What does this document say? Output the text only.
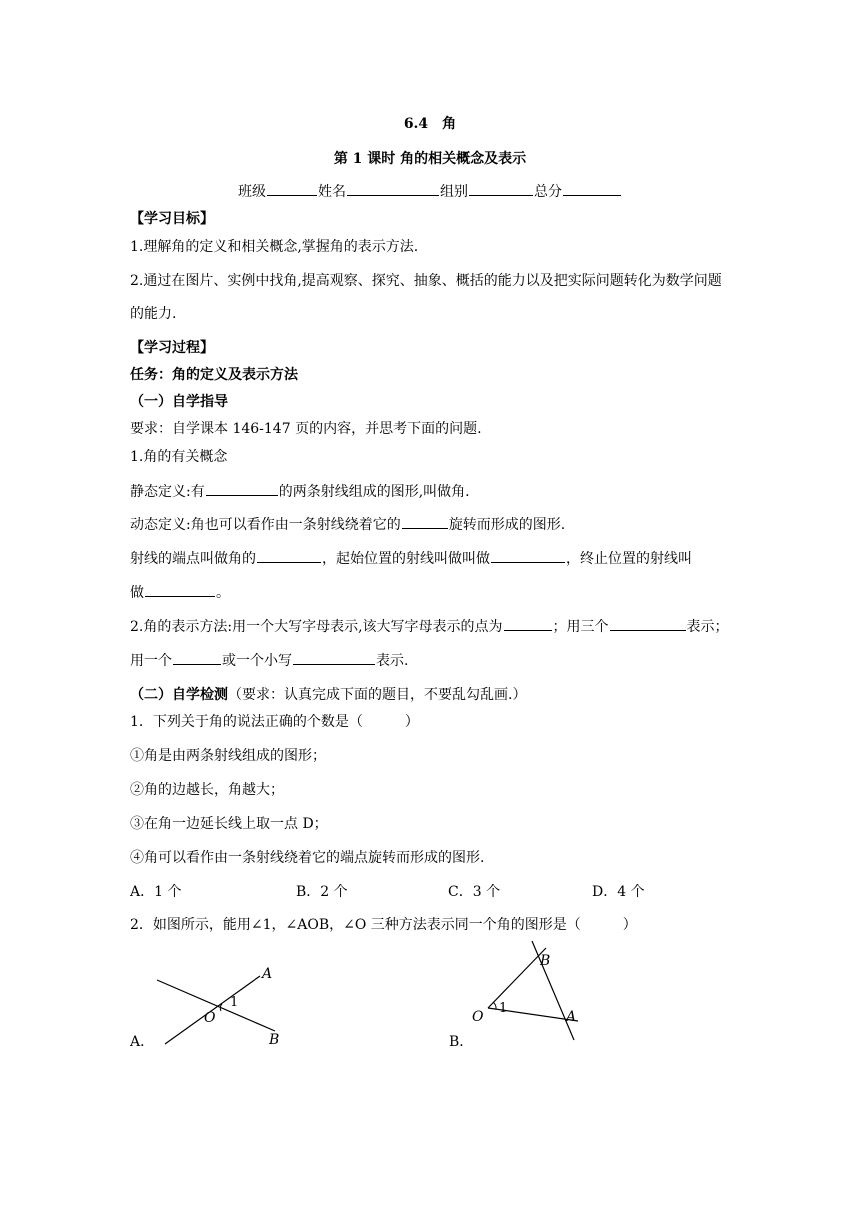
6.4　角
第 1 课时 角的相关概念及表示
班级	姓名	组别	总分
【学习目标】
1.理解角的定义和相关概念,掌握角的表示方法.
2.通过在图片、实例中找角,提高观察、探究、抽象、概括的能力以及把实际问题转化为数学问题
的能力.
【学习过程】
任务：角的定义及表示方法
（一）自学指导
要求：自学课本 146-147 页的内容，并思考下面的问题.
1.角的有关概念
静态定义:有	的两条射线组成的图形,叫做角.
动态定义:角也可以看作由一条射线绕着它的	旋转而形成的图形.
射线的端点叫做角的	，起始位置的射线叫做叫做	，终止位置的射线叫
做	。
2.角的表示方法:用一个大写字母表示,该大写字母表示的点为	；用三个	表示；
用一个	或一个小写	表示.
（二）自学检测（要求：认真完成下面的题目，不要乱勾乱画.）
1．下列关于角的说法正确的个数是（　　　）
①角是由两条射线组成的图形；
②角的边越长，角越大；
③在角一边延长线上取一点 D；
④角可以看作由一条射线绕着它的端点旋转而形成的图形.
A．1 个	B．2 个	C．3 个	D．4 个
2．如图所示，能用∠1，∠AOB，∠O 三种方法表示同一个角的图形是（　　　）
A
O
1
B
A．
B
O
1
A
B．
